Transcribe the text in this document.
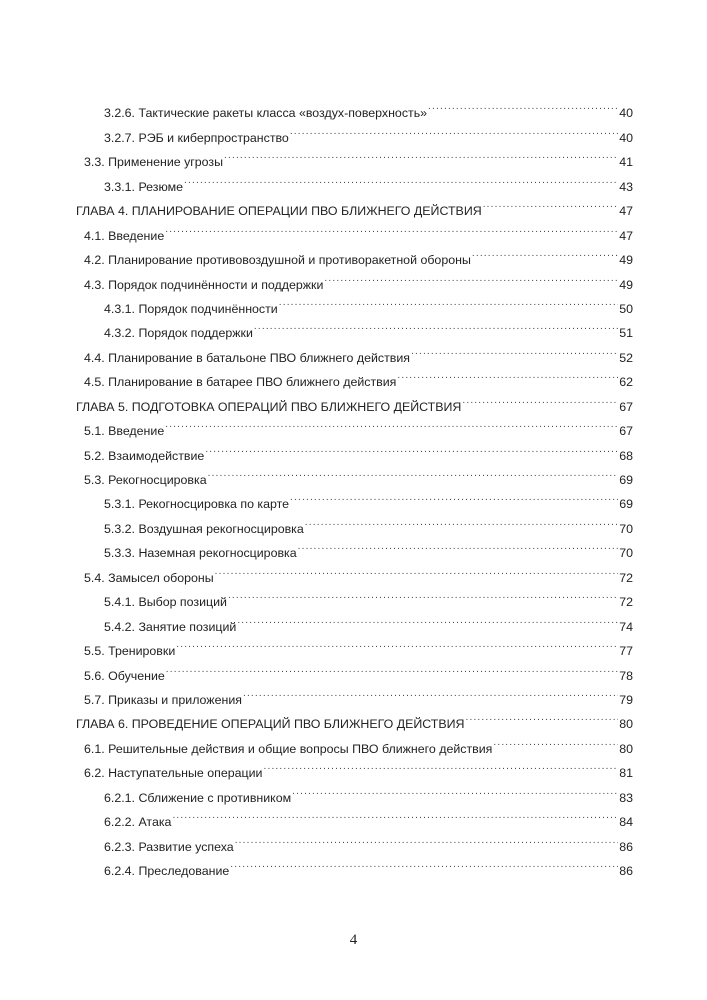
3.2.6. Тактические ракеты класса «воздух-поверхность» .....	40
3.2.7. РЭБ и киберпространство .....	40
3.3. Применение угрозы .....	41
3.3.1. Резюме .....	43
ГЛАВА 4. ПЛАНИРОВАНИЕ ОПЕРАЦИИ ПВО БЛИЖНЕГО ДЕЙСТВИЯ .....	47
4.1. Введение .....	47
4.2. Планирование противовоздушной и противоракетной обороны .....	49
4.3. Порядок подчинённости и поддержки .....	49
4.3.1. Порядок подчинённости .....	50
4.3.2. Порядок поддержки .....	51
4.4. Планирование в батальоне ПВО ближнего действия .....	52
4.5. Планирование в батарее ПВО ближнего действия .....	62
ГЛАВА 5. ПОДГОТОВКА ОПЕРАЦИЙ ПВО БЛИЖНЕГО ДЕЙСТВИЯ .....	67
5.1. Введение .....	67
5.2. Взаимодействие .....	68
5.3. Рекогносцировка .....	69
5.3.1. Рекогносцировка по карте .....	69
5.3.2. Воздушная рекогносцировка .....	70
5.3.3. Наземная рекогносцировка .....	70
5.4. Замысел обороны .....	72
5.4.1. Выбор позиций .....	72
5.4.2. Занятие позиций .....	74
5.5. Тренировки .....	77
5.6. Обучение .....	78
5.7. Приказы и приложения .....	79
ГЛАВА 6. ПРОВЕДЕНИЕ ОПЕРАЦИЙ ПВО БЛИЖНЕГО ДЕЙСТВИЯ .....	80
6.1. Решительные действия и общие вопросы ПВО ближнего действия .....	80
6.2. Наступательные операции .....	81
6.2.1. Сближение с противником .....	83
6.2.2. Атака .....	84
6.2.3. Развитие успеха .....	86
6.2.4. Преследование .....	86
4
